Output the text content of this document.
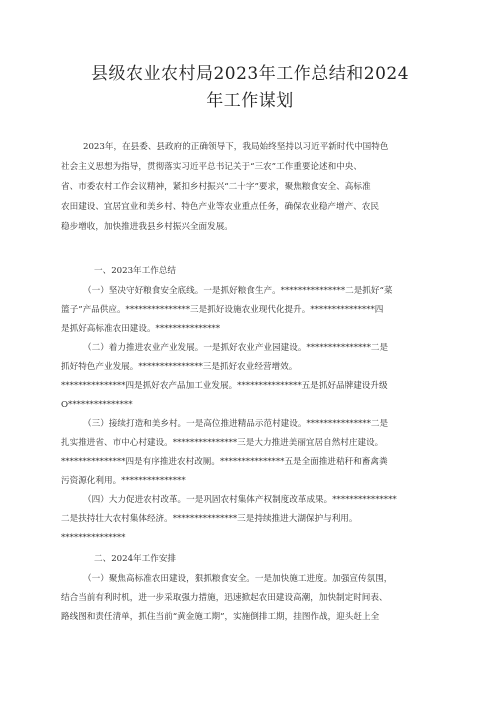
县级农业农村局2023年工作总结和2024
年工作谋划
2023年，在县委、县政府的正确领导下，我局始终坚持以习近平新时代中国特色
社会主义思想为指导，贯彻落实习近平总书记关于“三农”工作重要论述和中央、
省、市委农村工作会议精神，紧扣乡村振兴“二十字”要求，聚焦粮食安全、高标准
农田建设、宜居宜业和美乡村、特色产业等农业重点任务，确保农业稳产增产、农民
稳步增收，加快推进我县乡村振兴全面发展。
一、2023年工作总结
（一）坚决守好粮食安全底线。一是抓好粮食生产。***************二是抓好“菜
篮子”产品供应。***************三是抓好设施农业现代化提升。***************四
是抓好高标准农田建设。***************
（二）着力推进农业产业发展。一是抓好农业产业园建设。***************二是
抓好特色产业发展。***************三是抓好农业经营增效。
***************四是抓好农产品加工业发展。***************五是抓好品牌建设升级
O***************
（三）接续打造和美乡村。一是高位推进精品示范村建设。***************二是
扎实推进省、市中心村建设。***************三是大力推进美丽宜居自然村庄建设。
***************四是有序推进农村改厕。***************五是全面推进秸秆和畜禽粪
污资源化利用。***************
（四）大力促进农村改革。一是巩固农村集体产权制度改革成果。***************
二是扶持壮大农村集体经济。***************三是持续推进大湖保护与利用。
***************
二、2024年工作安排
（一）聚焦高标准农田建设，狠抓粮食安全。一是加快施工进度。加强宣传氛围，
结合当前有利时机，进一步采取强力措施，迅速掀起农田建设高潮，加快制定时间表、
路线图和责任清单，抓住当前“黄金施工期”，实施倒排工期，挂图作战，迎头赶上全
